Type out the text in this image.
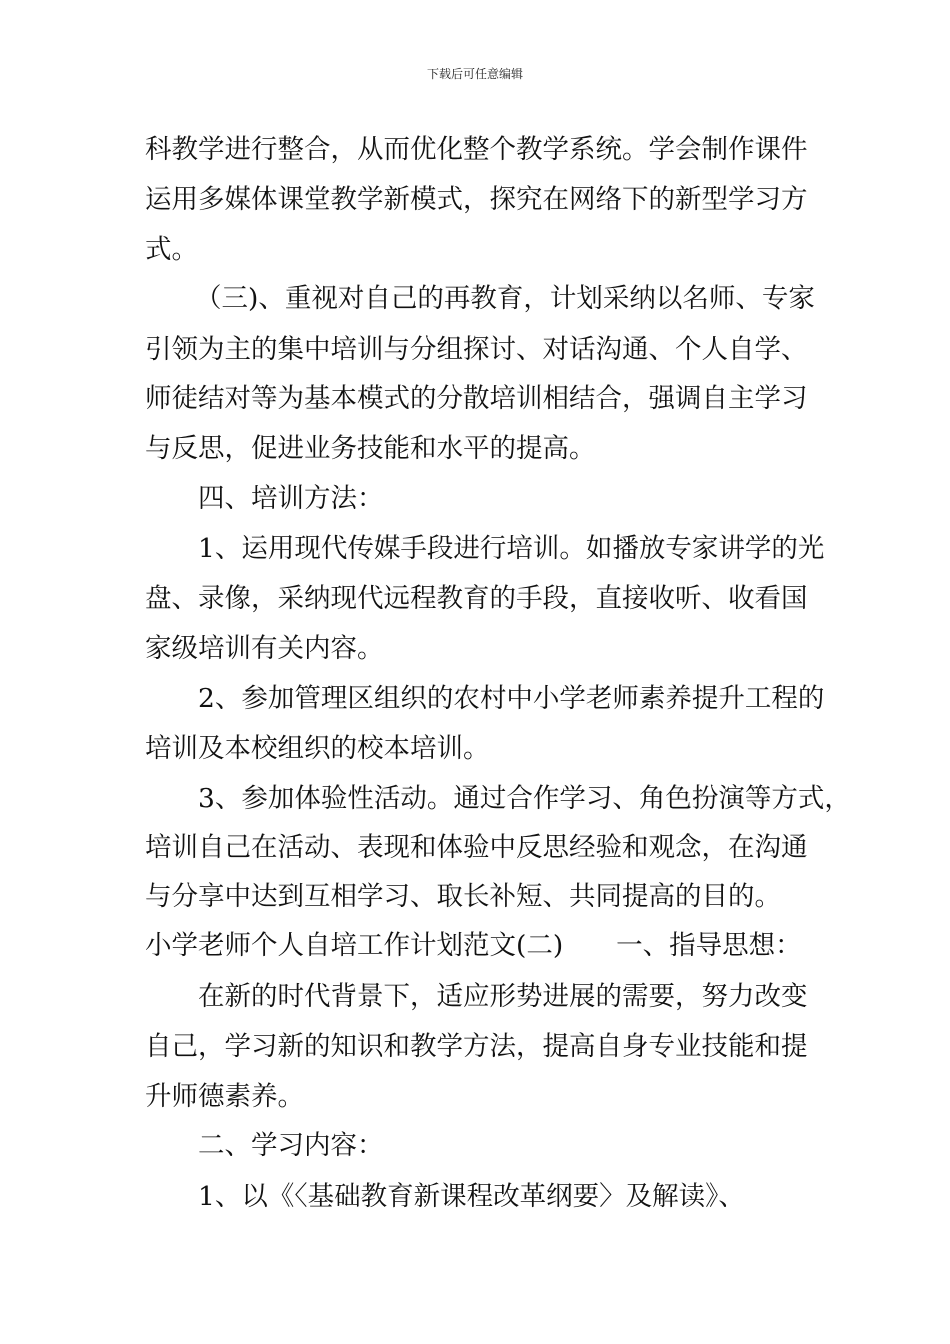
下载后可任意编辑
科教学进行整合，从而优化整个教学系统。学会制作课件
运用多媒体课堂教学新模式，探究在网络下的新型学习方
式。
（三)、重视对自己的再教育，计划采纳以名师、专家
引领为主的集中培训与分组探讨、对话沟通、个人自学、
师徒结对等为基本模式的分散培训相结合，强调自主学习
与反思，促进业务技能和水平的提高。
四、培训方法：
1、运用现代传媒手段进行培训。如播放专家讲学的光
盘、录像，采纳现代远程教育的手段，直接收听、收看国
家级培训有关内容。
2、参加管理区组织的农村中小学老师素养提升工程的
培训及本校组织的校本培训。
3、参加体验性活动。通过合作学习、角色扮演等方式，
培训自己在活动、表现和体验中反思经验和观念，在沟通
与分享中达到互相学习、取长补短、共同提高的目的。
小学老师个人自培工作计划范文(二)　　一、指导思想：
在新的时代背景下，适应形势进展的需要，努力改变
自己，学习新的知识和教学方法，提高自身专业技能和提
升师德素养。
二、学习内容：
1、以《〈基础教育新课程改革纲要〉及解读》、
